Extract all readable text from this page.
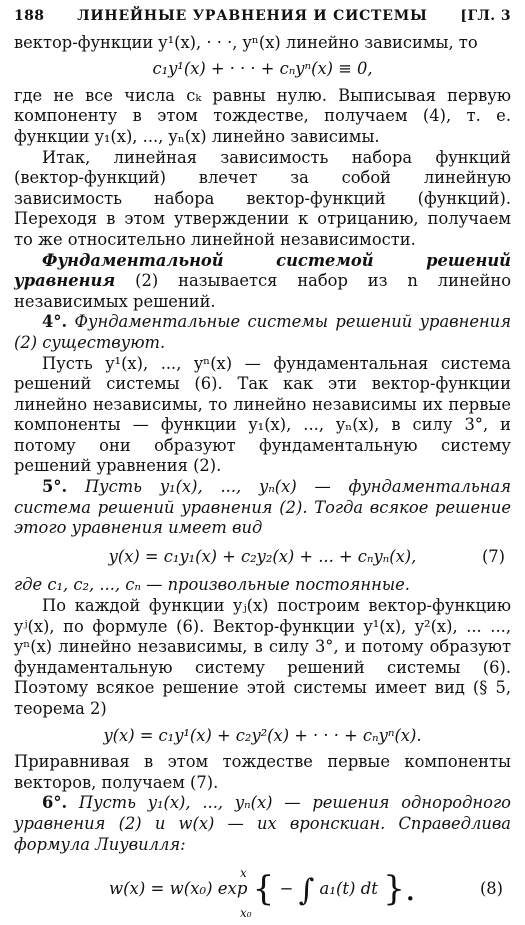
188 ЛИНЕЙНЫЕ УРАВНЕНИЯ И СИСТЕМЫ [ГЛ. 3

вектор-функции y¹(x), · · ·, yⁿ(x) линейно зависимы, то

c₁y¹(x) + · · · + cₙyⁿ(x) ≡ 0,

где не все числа cₖ равны нулю. Выписывая первую компоненту в этом тождестве, получаем (4), т. е. функции y₁(x), ..., yₙ(x) линейно зависимы.

Итак, линейная зависимость набора функций (вектор-функций) влечет за собой линейную зависимость набора вектор-функций (функций). Переходя в этом утверждении к отрицанию, получаем то же относительно линейной независимости.

Фундаментальной системой решений уравнения (2) называется набор из n линейно независимых решений.

4°. Фундаментальные системы решений уравнения (2) существуют.

Пусть y¹(x), ..., yⁿ(x) — фундаментальная система решений системы (6). Так как эти вектор-функции линейно независимы, то линейно независимы их первые компоненты — функции y₁(x), ..., yₙ(x), в силу 3°, и потому они образуют фундаментальную систему решений уравнения (2).

5°. Пусть y₁(x), ..., yₙ(x) — фундаментальная система решений уравнения (2). Тогда всякое решение этого уравнения имеет вид

y(x) = c₁y₁(x) + c₂y₂(x) + ... + cₙyₙ(x),	(7)

где c₁, c₂, ..., cₙ — произвольные постоянные.

По каждой функции yⱼ(x) построим вектор-функцию yʲ(x), по формуле (6). Вектор-функции y¹(x), y²(x), ... ..., yⁿ(x) линейно независимы, в силу 3°, и потому образуют фундаментальную систему решений системы (6). Поэтому всякое решение этой системы имеет вид (§ 5, теорема 2)

y(x) = c₁y¹(x) + c₂y²(x) + · · · + cₙyⁿ(x).

Приравнивая в этом тождестве первые компоненты вектоpов, получаем (7).

6°. Пусть y₁(x), ..., yₙ(x) — решения однородного уравнения (2) и w(x) — их вронскиан. Справедлива формула Лиувилля:

x
x₀
w(x) = w(x₀) exp { − ∫ a₁(t) dt }.	(8)
